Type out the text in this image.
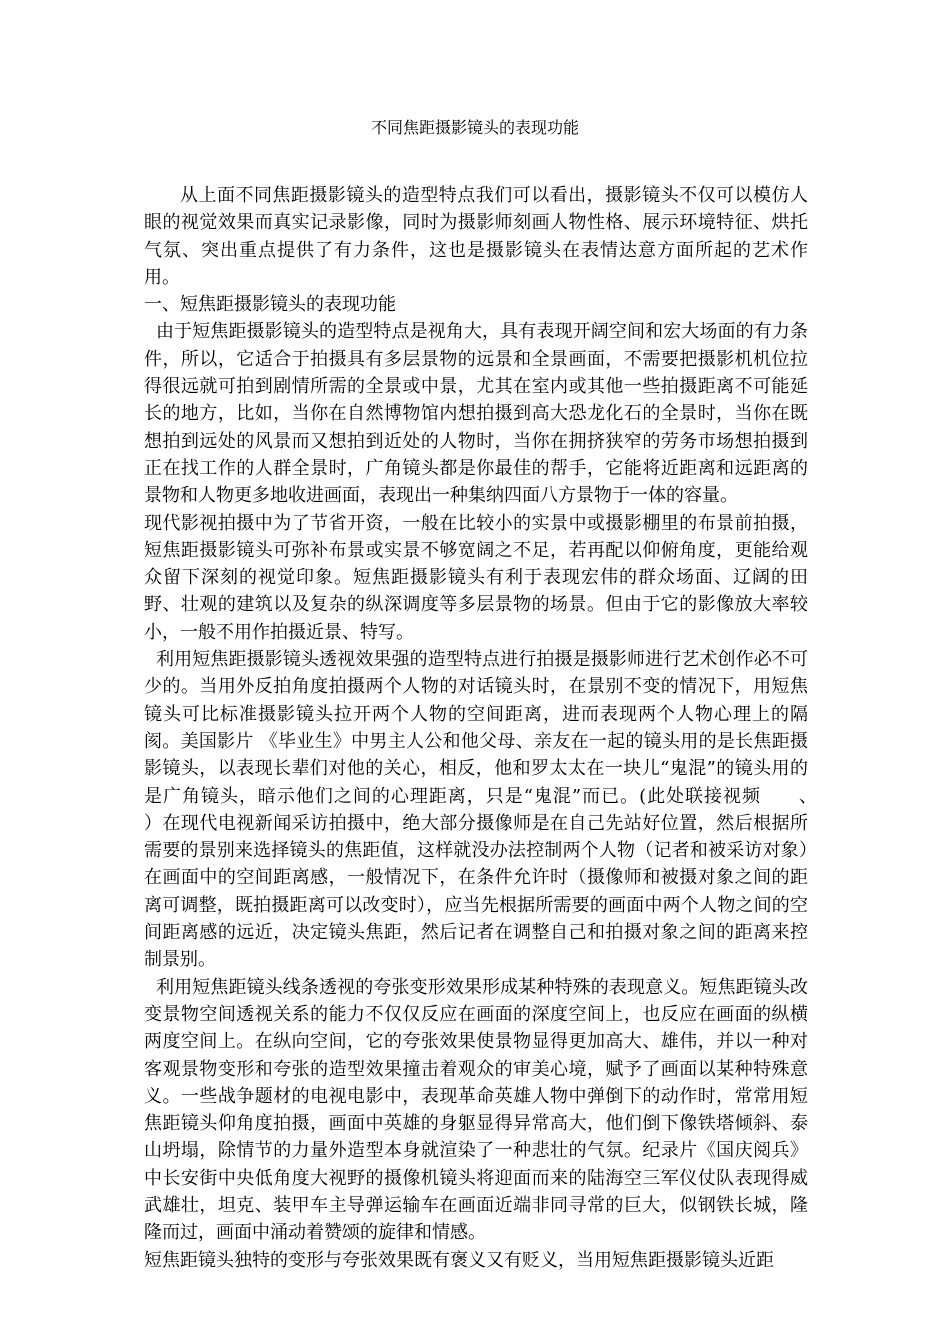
不同焦距摄影镜头的表现功能

从上面不同焦距摄影镜头的造型特点我们可以看出，摄影镜头不仅可以模仿人眼的视觉效果而真实记录影像，同时为摄影师刻画人物性格、展示环境特征、烘托气氛、突出重点提供了有力条件，这也是摄影镜头在表情达意方面所起的艺术作用。

一、短焦距摄影镜头的表现功能

由于短焦距摄影镜头的造型特点是视角大，具有表现开阔空间和宏大场面的有力条件，所以，它适合于拍摄具有多层景物的远景和全景画面，不需要把摄影机机位拉得很远就可拍到剧情所需的全景或中景，尤其在室内或其他一些拍摄距离不可能延长的地方，比如，当你在自然博物馆内想拍摄到高大恐龙化石的全景时，当你在既想拍到远处的风景而又想拍到近处的人物时，当你在拥挤狭窄的劳务市场想拍摄到正在找工作的人群全景时，广角镜头都是你最佳的帮手，它能将近距离和远距离的景物和人物更多地收进画面，表现出一种集纳四面八方景物于一体的容量。

现代影视拍摄中为了节省开资，一般在比较小的实景中或摄影棚里的布景前拍摄，短焦距摄影镜头可弥补布景或实景不够宽阔之不足，若再配以仰俯角度，更能给观众留下深刻的视觉印象。短焦距摄影镜头有利于表现宏伟的群众场面、辽阔的田野、壮观的建筑以及复杂的纵深调度等多层景物的场景。但由于它的影像放大率较小，一般不用作拍摄近景、特写。

利用短焦距摄影镜头透视效果强的造型特点进行拍摄是摄影师进行艺术创作必不可少的。当用外反拍角度拍摄两个人物的对话镜头时，在景别不变的情况下，用短焦镜头可比标准摄影镜头拉开两个人物的空间距离，进而表现两个人物心理上的隔阂。美国影片 《毕业生》中男主人公和他父母、亲友在一起的镜头用的是长焦距摄影镜头，以表现长辈们对他的关心，相反，他和罗太太在一块儿“鬼混”的镜头用的是广角镜头，暗示他们之间的心理距离，只是“鬼混”而已。(此处联接视频　　、　　）在现代电视新闻采访拍摄中，绝大部分摄像师是在自己先站好位置，然后根据所需要的景别来选择镜头的焦距值，这样就没办法控制两个人物（记者和被采访对象）在画面中的空间距离感，一般情况下，在条件允许时（摄像师和被摄对象之间的距离可调整，既拍摄距离可以改变时），应当先根据所需要的画面中两个人物之间的空间距离感的远近，决定镜头焦距，然后记者在调整自己和拍摄对象之间的距离来控制景别。

利用短焦距镜头线条透视的夸张变形效果形成某种特殊的表现意义。短焦距镜头改变景物空间透视关系的能力不仅仅反应在画面的深度空间上，也反应在画面的纵横两度空间上。在纵向空间，它的夸张效果使景物显得更加高大、雄伟，并以一种对客观景物变形和夸张的造型效果撞击着观众的审美心境，赋予了画面以某种特殊意义。一些战争题材的电视电影中，表现革命英雄人物中弹倒下的动作时，常常用短焦距镜头仰角度拍摄，画面中英雄的身躯显得异常高大，他们倒下像铁塔倾斜、泰山坍塌，除情节的力量外造型本身就渲染了一种悲壮的气氛。纪录片《国庆阅兵》中长安街中央低角度大视野的摄像机镜头将迎面而来的陆海空三军仪仗队表现得威武雄壮，坦克、装甲车主导弹运输车在画面近端非同寻常的巨大，似钢铁长城，隆隆而过，画面中涌动着赞颂的旋律和情感。

短焦距镜头独特的变形与夸张效果既有褒义又有贬义，当用短焦距摄影镜头近距
